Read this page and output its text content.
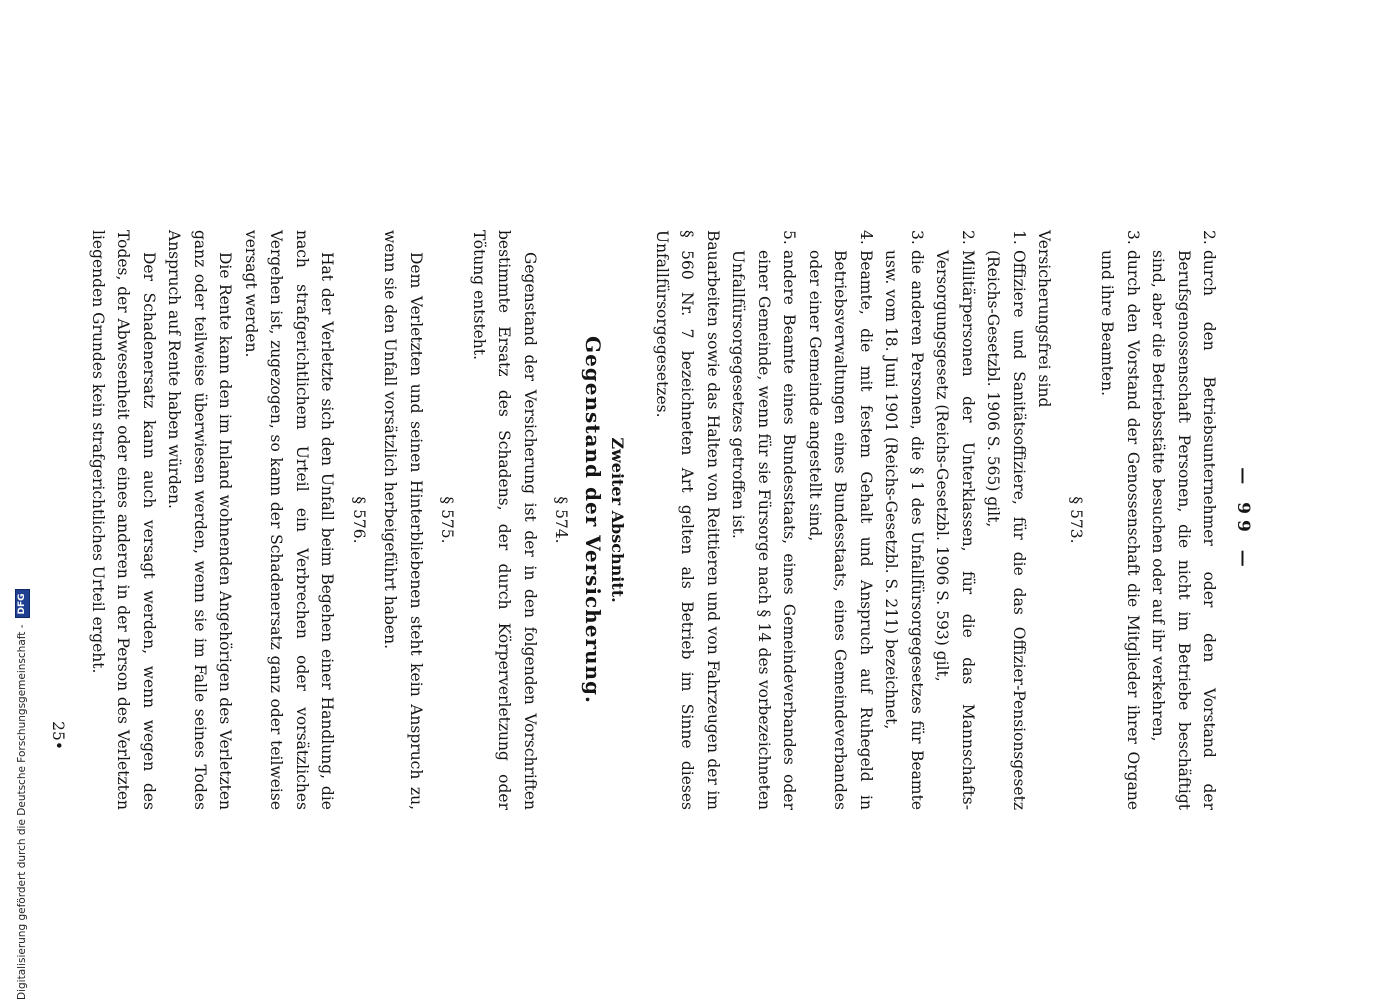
— 99 —
2.
durch den Betriebsunternehmer oder den Vorstand der Berufsgenossenschaft Personen, die nicht im Betriebe beschäftigt sind, aber die Betriebsstätte besuchen oder auf ihr verkehren,
3.
durch den Vorstand der Genossenschaft die Mitglieder ihrer Organe und ihre Beamten.
§ 573.

Versicherungsfrei sind

1.
Offiziere und Sanitätsoffiziere, für die das Offizier-Pensionsgesetz (Reichs-Gesetzbl. 1906 S. 565) gilt,
2.
Militärpersonen der Unterklassen, für die das Mannschafts-Versorgungsgesetz (Reichs-Gesetzbl. 1906 S. 593) gilt,
3.
die anderen Personen, die § 1 des Unfallfürsorgegesetzes für Beamte usw. vom 18. Juni 1901 (Reichs-Gesetzbl. S. 211) bezeichnet,
4.
Beamte, die mit festem Gehalt und Anspruch auf Ruhegeld in Betriebsverwaltungen eines Bundesstaats, eines Gemeindeverbandes oder einer Gemeinde angestellt sind,
5.
andere Beamte eines Bundesstaats, eines Gemeindeverbandes oder einer Gemeinde, wenn für sie Fürsorge nach § 14 des vorbezeichneten Unfallfürsorgegesetzes getroffen ist.

Bauarbeiten sowie das Halten von Reittieren und von Fahrzeugen der im § 560 Nr. 7 bezeichneten Art gelten als Betrieb im Sinne dieses Unfallfürsorgegesetzes.

Zweiter Abschnitt.
Gegenstand der Versicherung.
§ 574.

Gegenstand der Versicherung ist der in den folgenden Vorschriften bestimmte Ersatz des Schadens, der durch Körperverletzung oder Tötung entsteht.

§ 575.

Dem Verletzten und seinen Hinterbliebenen steht kein Anspruch zu, wenn sie den Unfall vorsätzlich herbeigeführt haben.

§ 576.

Hat der Verletzte sich den Unfall beim Begehen einer Handlung, die nach strafgerichtlichem Urteil ein Verbrechen oder vorsätzliches Vergehen ist, zugezogen, so kann der Schadenersatz ganz oder teilweise versagt werden.

Die Rente kann den im Inland wohnenden Angehörigen des Verletzten ganz oder teilweise überwiesen werden, wenn sie im Falle seines Todes Anspruch auf Rente haben würden.

Der Schadenersatz kann auch versagt werden, wenn wegen des Todes, der Abwesenheit oder eines anderen in der Person des Verletzten liegenden Grundes kein strafgerichtliches Urteil ergeht.

25•
Digitalisierung gefördert durch die Deutsche Forschungsgemeinschaft -
DFG
